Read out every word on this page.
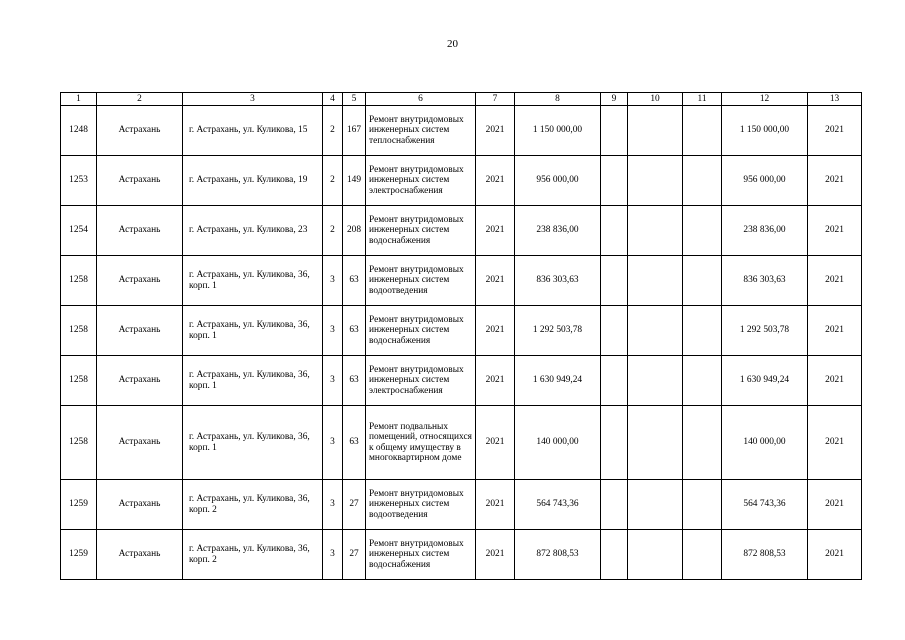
20
1	2	3	4	5	6	7	8	9	10	11	12	13
1248	Астрахань	г. Астрахань, ул. Куликова, 15	2	167	Ремонт внутридомовых инженерных систем теплоснабжения	2021	1 150 000,00				1 150 000,00	2021
1253	Астрахань	г. Астрахань, ул. Куликова, 19	2	149	Ремонт внутридомовых инженерных систем электроснабжения	2021	956 000,00				956 000,00	2021
1254	Астрахань	г. Астрахань, ул. Куликова, 23	2	208	Ремонт внутридомовых инженерных систем водоснабжения	2021	238 836,00				238 836,00	2021
1258	Астрахань	г. Астрахань, ул. Куликова, 36, корп. 1	3	63	Ремонт внутридомовых инженерных систем водоотведения	2021	836 303,63				836 303,63	2021
1258	Астрахань	г. Астрахань, ул. Куликова, 36, корп. 1	3	63	Ремонт внутридомовых инженерных систем водоснабжения	2021	1 292 503,78				1 292 503,78	2021
1258	Астрахань	г. Астрахань, ул. Куликова, 36, корп. 1	3	63	Ремонт внутридомовых инженерных систем электроснабжения	2021	1 630 949,24				1 630 949,24	2021
1258	Астрахань	г. Астрахань, ул. Куликова, 36, корп. 1	3	63	Ремонт подвальных помещений, относящихся к общему имуществу в многоквартирном доме	2021	140 000,00				140 000,00	2021
1259	Астрахань	г. Астрахань, ул. Куликова, 36, корп. 2	3	27	Ремонт внутридомовых инженерных систем водоотведения	2021	564 743,36				564 743,36	2021
1259	Астрахань	г. Астрахань, ул. Куликова, 36, корп. 2	3	27	Ремонт внутридомовых инженерных систем водоснабжения	2021	872 808,53				872 808,53	2021
